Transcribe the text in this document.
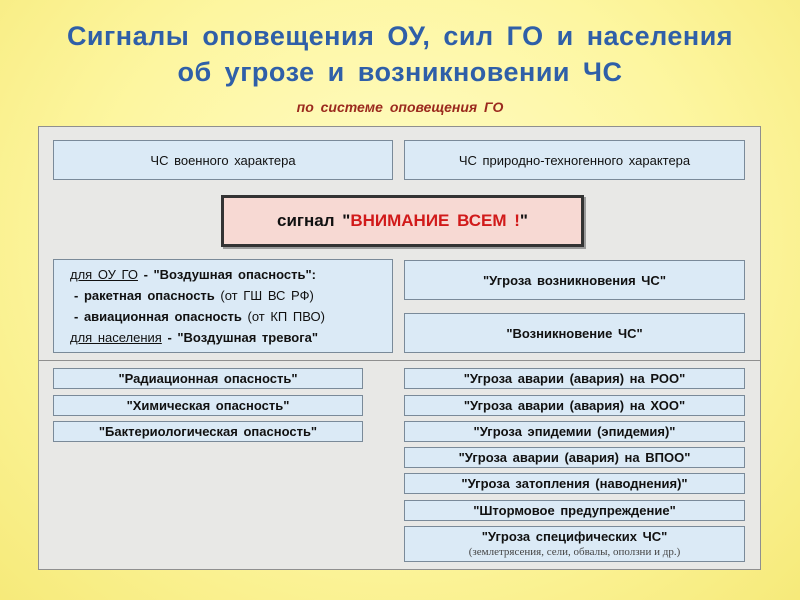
Сигналы оповещения ОУ, сил ГО и населения
об угрозе и возникновении ЧС
по системе оповещения ГО
ЧС военного характера	ЧС природно-техногенного характера
сигнал " ВНИМАНИЕ ВСЕМ ! "
для ОУ ГО - "Воздушная опасность":
- ракетная опасность (от ГШ ВС РФ)
- авиационная опасность (от КП ПВО)
для населения - "Воздушная тревога"
"Угроза возникновения ЧС"
"Возникновение ЧС"
"Радиационная опасность"
"Химическая опасность"
"Бактериологическая опасность"
"Угроза аварии (авария) на РОО"
"Угроза аварии (авария) на ХОО"
"Угроза эпидемии (эпидемия)"
"Угроза аварии (авария) на ВПОО"
"Угроза затопления (наводнения)"
"Штормовое предупреждение"
"Угроза специфических ЧС"
(землетрясения, сели, обвалы, оползни и др.)
